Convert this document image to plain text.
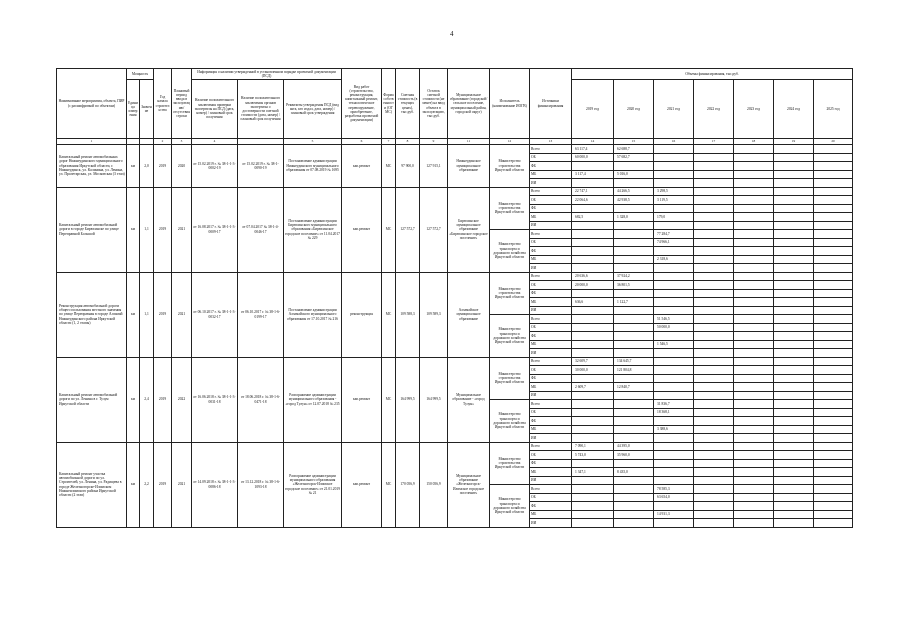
4
Наименование мероприятия, объекта, ПИР (с расшифровкой по объектам)	Мощность		Год начала строительства	Плановый период ввода в эксплуатацию/ отсутствия строки	Информация о наличии утвержденной в установленном порядке проектной документации (ПСД)			Вид работ (строительство, реконструкция, капитальный ремонт, технологическое перевооружение, приобретение, разработка проектной документации)	Форма собственности (ОГ МС)	Сметная стоимость (в текущих ценах), тыс.руб.	Остаток сметной стоимости (не менее) на ввод объекта в эксплуатацию, тыс.руб.	Муниципальное образование (городской/сельское поселение, муниципальный район, городской округ)	Исполнитель (наименование ИОГВ)	Источники финансирования	Объемы финансирования, тыс.руб.						
	Единица измерения	Значение			Наличие положительного заключения проверки экспертизы на ПСД (дата, номер) / плановый срок получения	Наличие положительного заключения органов экспертизы о достоверности сметной стоимости (дата, номер) / плановый срок получения	Реквизиты утверждения ПСД (вид акта, кто издал, дата, номер) / плановый срок утверждения								2019 год	2020 год	2021 год	2022 год	2023 год	2024 год	2025 год
1			2	3	4		5	6	7	8	9	11	12	13	14	15	16	17	18	19	20
Капитальный ремонт автомобильных дорог Нижнеудинского муниципального образования Иркутской области, г. Нижнеудинск, ул. Калинина, ул. Ленина, ул. Пролетарская, ул. Московская (3 этап)	км	2,0	2019	2020	от 15.02.2019 г. № 38-1-1-3-0002-19	от 15.02.2019 г. № 38-1-0090-19	Постановление администрации Нижнеудинского муниципального образования от 07.08.2019 № 1695	кап.ремонт	МС	97 900,0	127 915,1	Нижнеудинское муниципальное образование	Министерство строительства Иркутской области	Всего	63 117,4	62 688,7					
														ОБ	60 000,0	57 682,7					
														ФБ							
														МБ	3 117,4	5 016,0					
														ИИ							
Капитальный ремонт автомобильной дороги в городе Бирюсинске по улице Переправной Большой	км	1,1	2019	2021	от 16.08.2017 г. № 38-1-1-3-0009-17	от 07.04.2017 № 38-1-4-0046-17	Постановление администрации Бирюсинского муниципального образования «Бирюсинское городское поселение» от 11.04.2017 № 229	кап.ремонт	МС	127 572,7	127 572,7	Бирюсинское муниципальное образование «Бирюсинское городское поселение»	Министерство строительства Иркутской области	Всего	22 747,1	44 266,5	3 298,5				
														ОБ	22 064,6	42 938,5	3 119,5				
														ФБ							
														МБ	682,5	1 328,0	179,0				
														ИИ							
													Министерство транспорта и дорожного хозяйства Иркутской области	Всего			77 284,7				
														ОБ			74 966,1				
														ФБ							
														МБ			2 318,6				
														ИИ							
Реконструкция автомобильной дороги общего пользования местного значения по улице Переправная в городе Алзамай Нижнеудинского района Иркутской области (1, 2 этапы)	км	1,1	2019	2021	от 06.10.2017 г. № 38-1-1-3-0032-17	от 06.10.2017 г. № 38-1-6-0199-17	Постановление администрации Алзамайского муниципального образования от 17.10.2017 № 216	реконструкция	МС	109 588,3	109 589,3	Алзамайское муниципальное образование	Министерство строительства Иркутской области	Всего	20 636,6	37 924,2					
														ОБ	20 000,0	36 801,5					
														ФБ							
														МБ	636,6	1 122,7					
														ИИ							
													Министерство транспорта и дорожного хозяйства Иркутской области	Всего			51 546,5				
														ОБ			50 000,0				
														ФБ							
														МБ			1 546,5				
														ИИ							
Капитальный ремонт автомобильной дороги по ул. Ленина в г. Тулун Иркутской области	км	2,4	2019	2022	от 16.06.2018 г. № 38-1-1-3-0031-18	от 18.06.2018 г. № 38-1-6-0471-18	Распоряжение администрации муниципального образования - «город Тулун» от 12.07.2018 № 235	кап.ремонт	МС	164 999,5	164 999,5	Муниципальное образование - «город Тулун»	Министерство строительства Иркутской области	Всего	32 609,7	134 645,7					
														ОБ	30 000,0	121 804,8					
														ФБ							
														МБ	2 609,7	12 840,7					
														ИИ							
													Министерство транспорта и дорожного хозяйства Иркутской области	Всего			31 836,7				
														ОБ			18 368,1				
														ФБ							
														МБ			3 388,6				
														ИИ							
Капитальный ремонт участка автомобильной дороги по ул. Строителей, ул. Ленина, ул. Радищева в городе Железногорске-Илимском Нижнеилимского района Иркутской области (2 этап)	км	2,2	2019	2021	от 14.09.2018 г. № 38-1-1-3-0086-18	от 13.12.2018 г. № 38-1-6-1093-18	Распоряжение администрации муниципального образования «Железногорск-Илимское городское поселение» от 21.01.2019 № 21	кап.ремонт	МС	170 056,9	150 056,9	Муниципальное образование «Железногорск-Илимское городское поселение»	Министерство строительства Иркутской области	Всего	7 090,1	44 395,0					
														ОБ	5 743,0	35 960,0					
														ФБ							
														МБ	1 347,1	8 435,0					
														ИИ							
													Министерство транспорта и дорожного хозяйства Иркутской области	Всего			78 585,3				
														ОБ			63 654,0				
														ФБ							
														МБ			14 931,3				
														ИИ							
